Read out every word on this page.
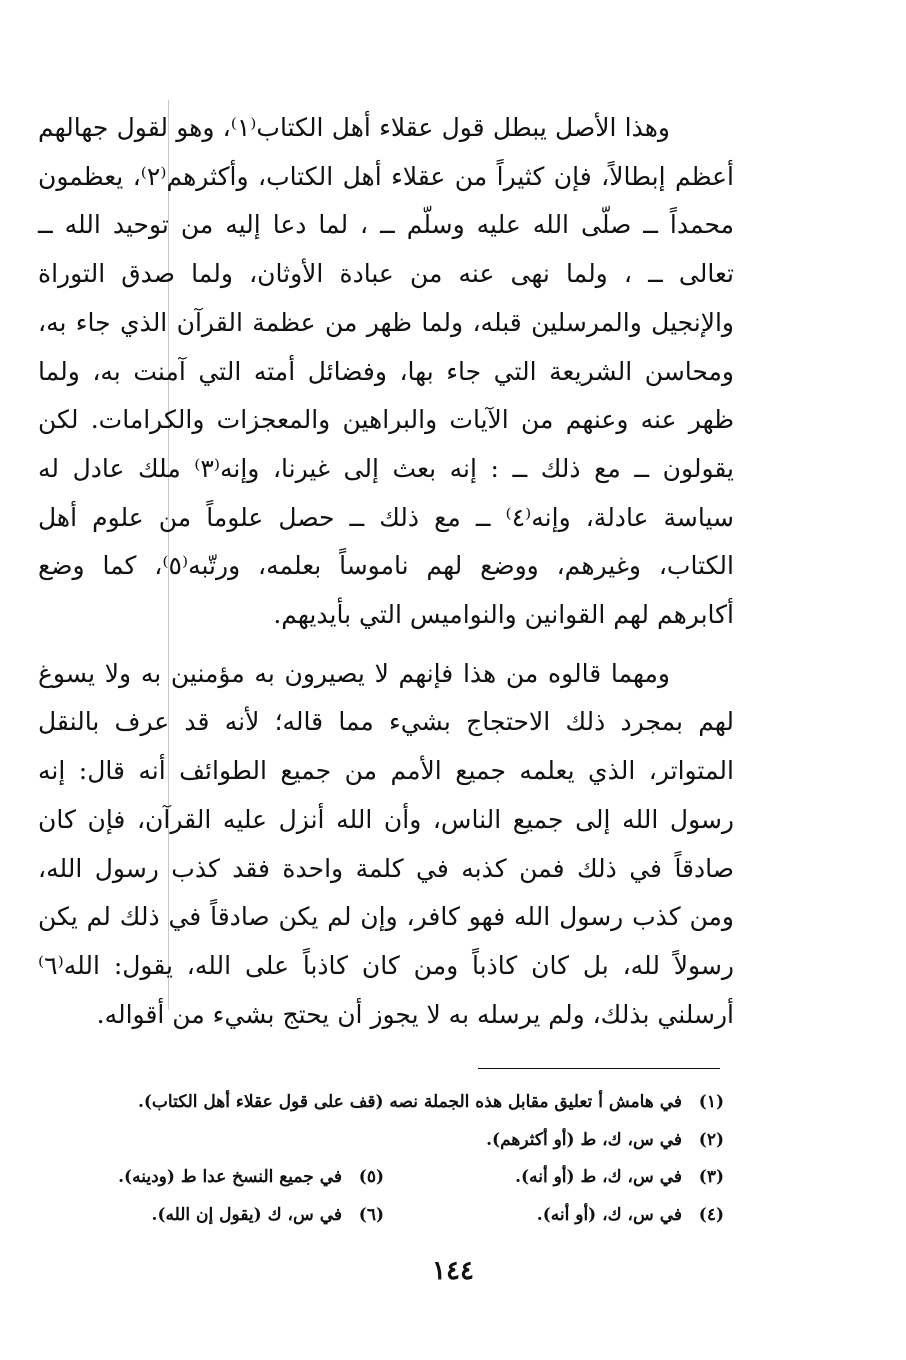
وهذا الأصل يبطل قول عقلاء أهل الكتاب⁽١⁾، وهو لقول جهالهم أعظم إبطالاً، فإن كثيراً من عقلاء أهل الكتاب، وأكثرهم⁽٢⁾، يعظمون محمداً ــ صلّى الله عليه وسلّم ــ ، لما دعا إليه من توحيد الله ــ تعالى ــ ، ولما نهى عنه من عبادة الأوثان، ولما صدق التوراة والإنجيل والمرسلين قبله، ولما ظهر من عظمة القرآن الذي جاء به، ومحاسن الشريعة التي جاء بها، وفضائل أمته التي آمنت به، ولما ظهر عنه وعنهم من الآيات والبراهين والمعجزات والكرامات. لكن يقولون ــ مع ذلك ــ : إنه بعث إلى غيرنا، وإنه⁽٣⁾ ملك عادل له سياسة عادلة، وإنه⁽٤⁾ ــ مع ذلك ــ حصل علوماً من علوم أهل الكتاب، وغيرهم، ووضع لهم ناموساً بعلمه، ورتّبه⁽٥⁾، كما وضع أكابرهم لهم القوانين والنواميس التي بأيديهم.

ومهما قالوه من هذا فإنهم لا يصيرون به مؤمنين به ولا يسوغ لهم بمجرد ذلك الاحتجاج بشيء مما قاله؛ لأنه قد عرف بالنقل المتواتر، الذي يعلمه جميع الأمم من جميع الطوائف أنه قال: إنه رسول الله إلى جميع الناس، وأن الله أنزل عليه القرآن، فإن كان صادقاً في ذلك فمن كذبه في كلمة واحدة فقد كذب رسول الله، ومن كذب رسول الله فهو كافر، وإن لم يكن صادقاً في ذلك لم يكن رسولاً لله، بل كان كاذباً ومن كان كاذباً على الله، يقول: الله⁽٦⁾ أرسلني بذلك، ولم يرسله به لا يجوز أن يحتج بشيء من أقواله.

(١)
في هامش أ تعليق مقابل هذه الجملة نصه (قف على قول عقلاء أهل الكتاب).
(٢)
في س، ك، ط (أو أكثرهم).
(٣)
في س، ك، ط (أو أنه).
(٥)
في جميع النسخ عدا ط (ودينه).
(٤)
في س، ك، (أو أنه).
(٦)
في س، ك (يقول إن الله).
١٤٤
